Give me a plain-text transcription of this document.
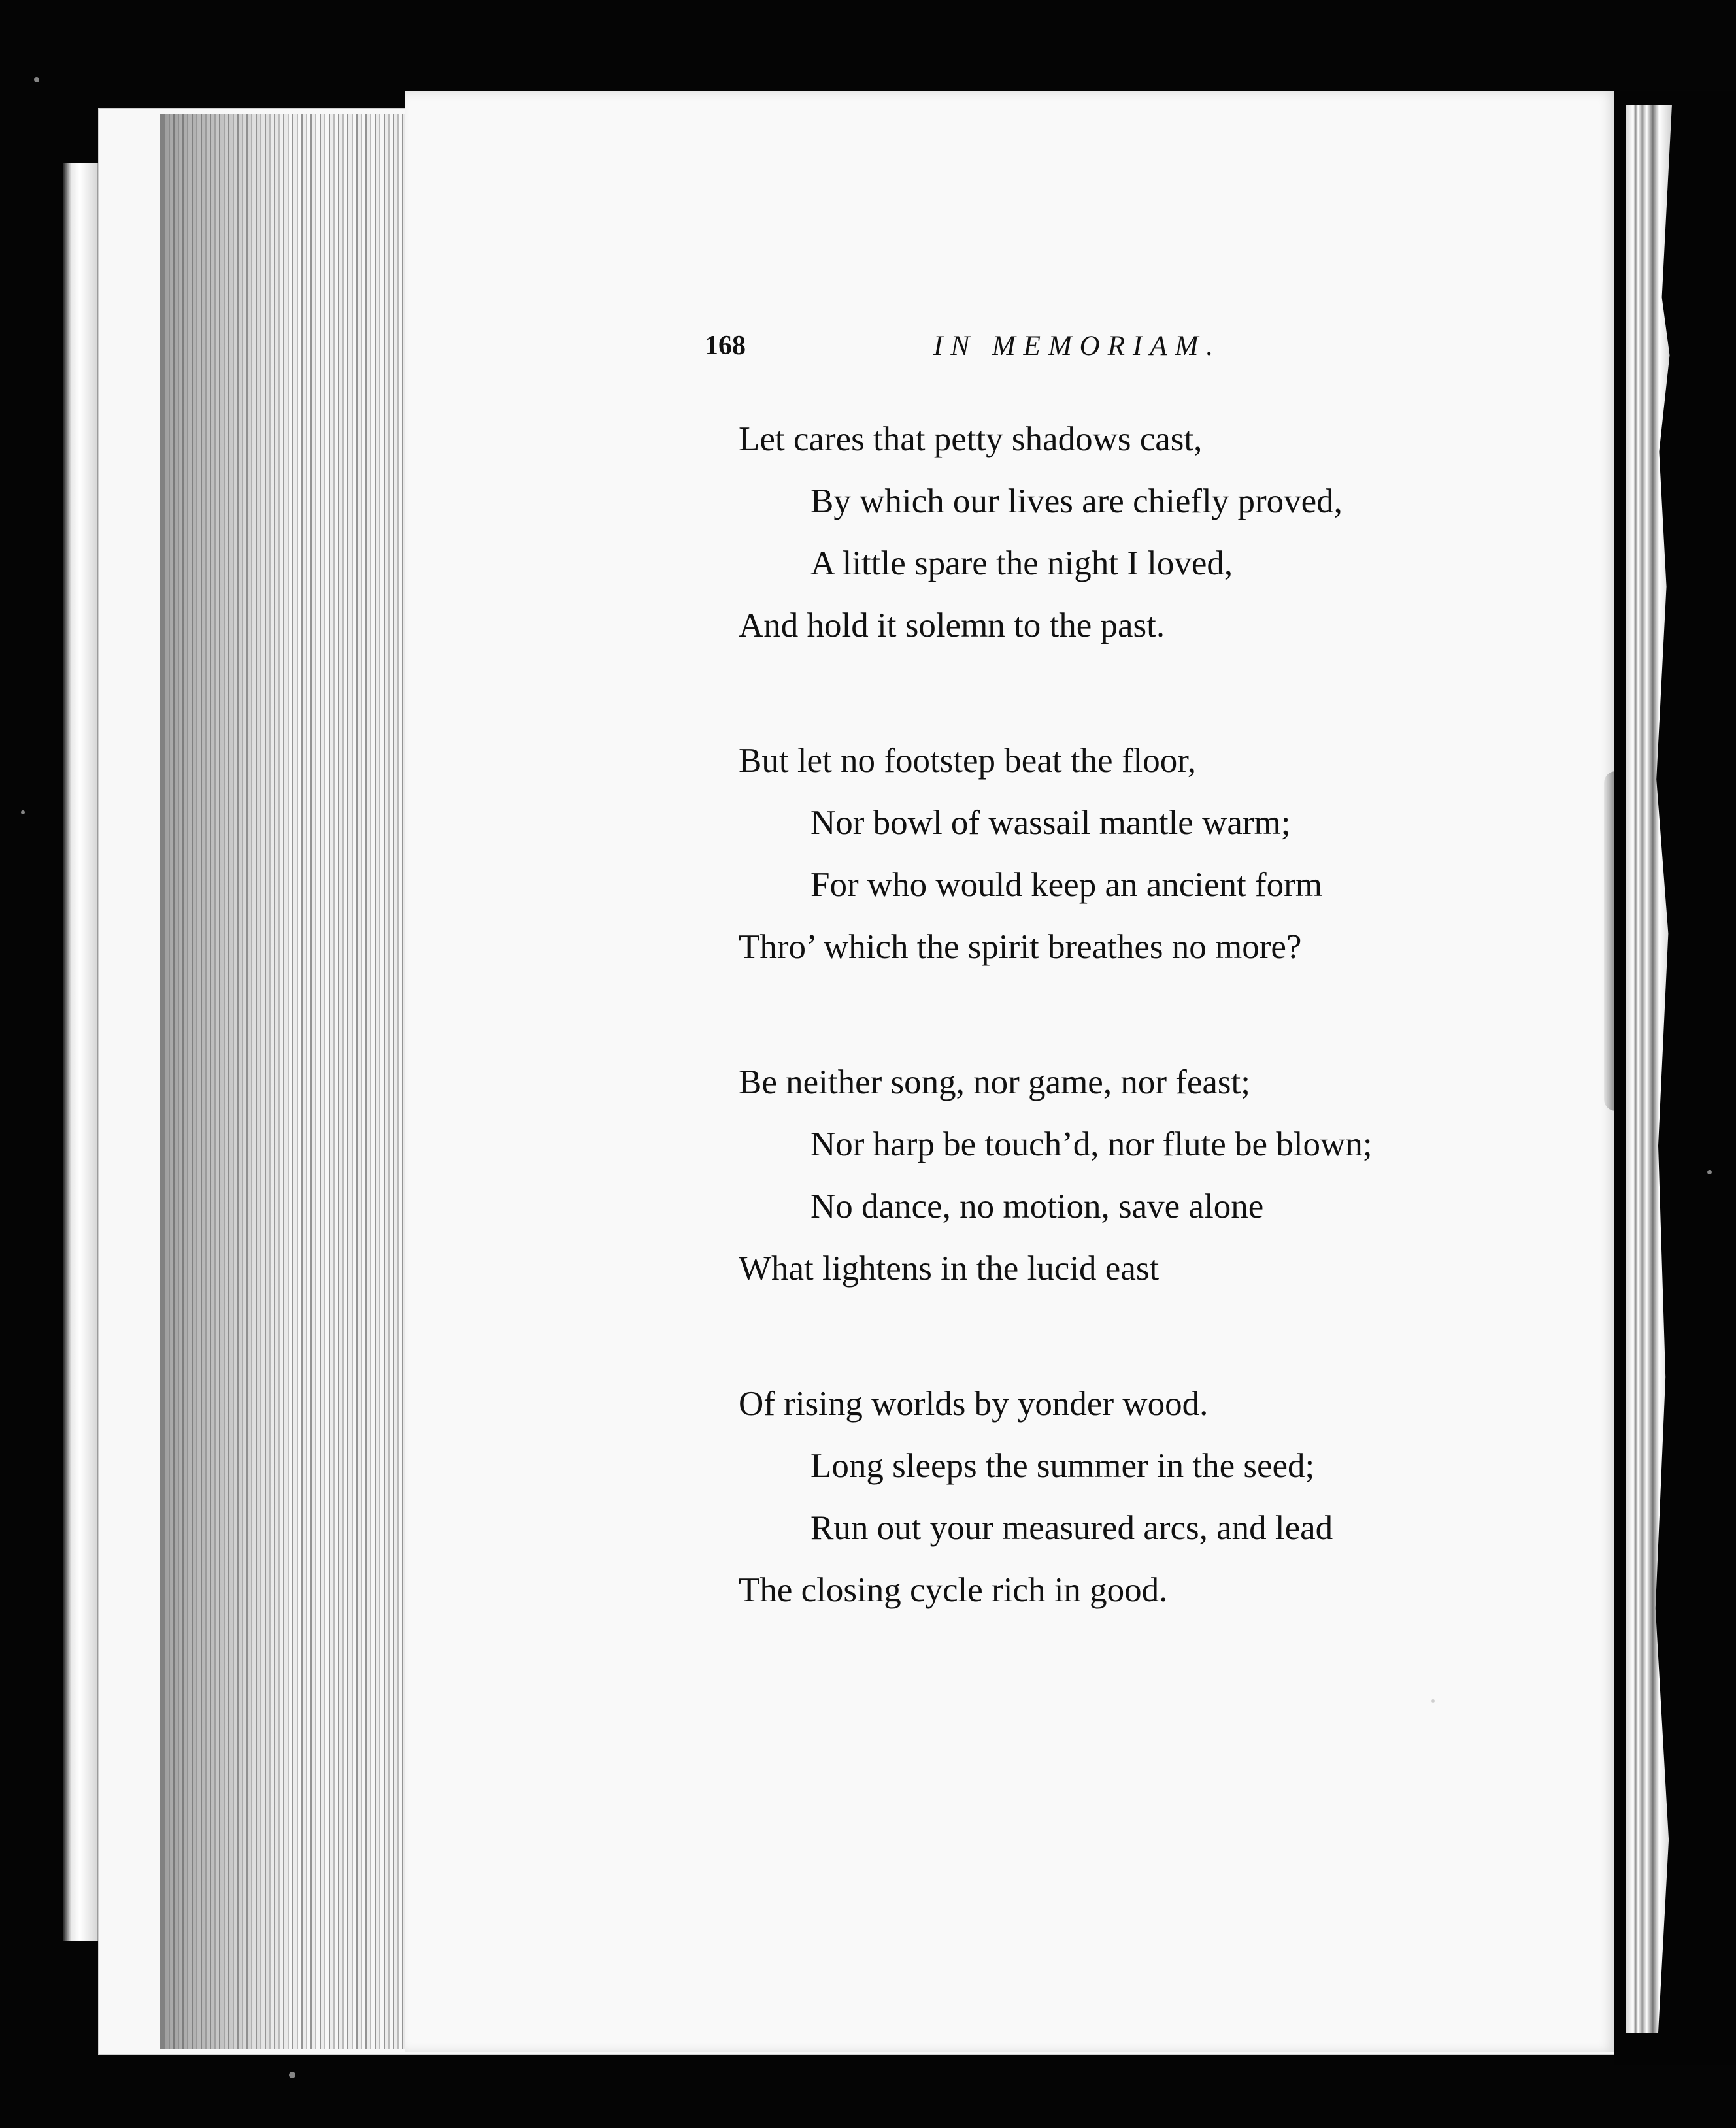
168	IN MEMORIAM.
Let cares that petty shadows cast,
By which our lives are chiefly proved,
A little spare the night I loved,
And hold it solemn to the past.
But let no footstep beat the floor,
Nor bowl of wassail mantle warm;
For who would keep an ancient form
Thro’ which the spirit breathes no more?
Be neither song, nor game, nor feast;
Nor harp be touch’d, nor flute be blown;
No dance, no motion, save alone
What lightens in the lucid east
Of rising worlds by yonder wood.
Long sleeps the summer in the seed;
Run out your measured arcs, and lead
The closing cycle rich in good.
